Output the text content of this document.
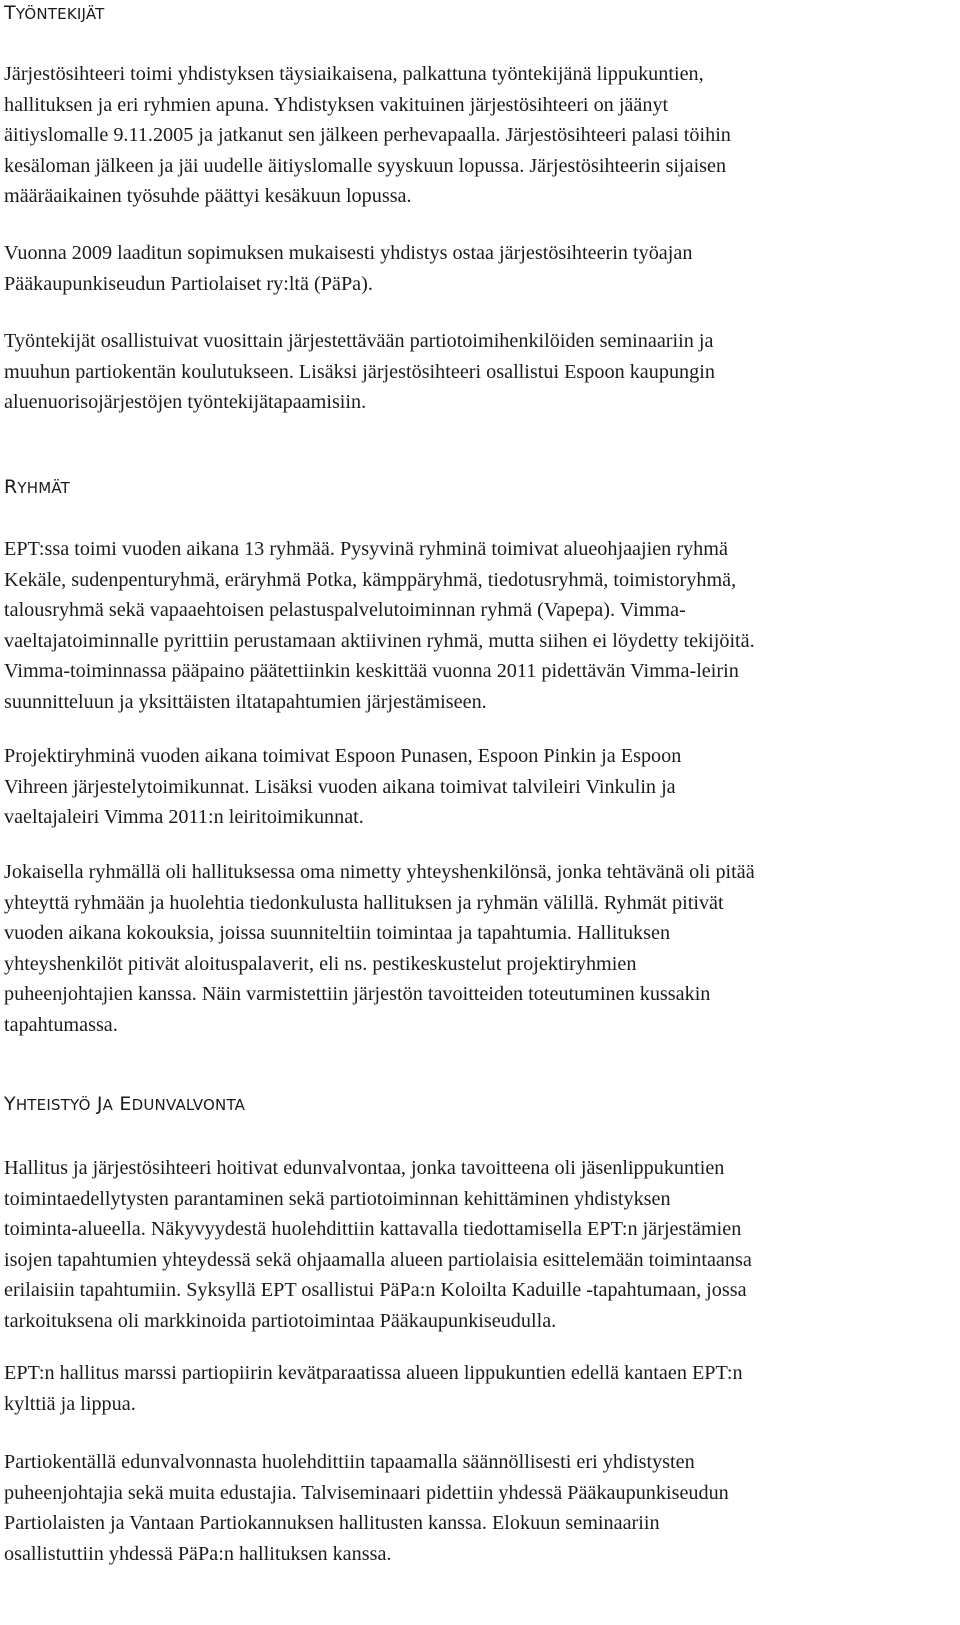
TYÖNTEKIJÄT

Järjestösihteeri toimi yhdistyksen täysiaikaisena, palkattuna työntekijänä lippukuntien,
hallituksen ja eri ryhmien apuna. Yhdistyksen vakituinen järjestösihteeri on jäänyt
äitiyslomalle 9.11.2005 ja jatkanut sen jälkeen perhevapaalla. Järjestösihteeri palasi töihin
kesäloman jälkeen ja jäi uudelle äitiyslomalle syyskuun lopussa. Järjestösihteerin sijaisen
määräaikainen työsuhde päättyi kesäkuun lopussa.

Vuonna 2009 laaditun sopimuksen mukaisesti yhdistys ostaa järjestösihteerin työajan
Pääkaupunkiseudun Partiolaiset ry:ltä (PäPa).

Työntekijät osallistuivat vuosittain järjestettävään partiotoimihenkilöiden seminaariin ja
muuhun partiokentän koulutukseen. Lisäksi järjestösihteeri osallistui Espoon kaupungin
aluenuorisojärjestöjen työntekijätapaamisiin.

RYHMÄT

EPT:ssa toimi vuoden aikana 13 ryhmää. Pysyvinä ryhminä toimivat alueohjaajien ryhmä
Kekäle, sudenpenturyhmä, eräryhmä Potka, kämppäryhmä, tiedotusryhmä, toimistoryhmä,
talousryhmä sekä vapaaehtoisen pelastuspalvelutoiminnan ryhmä (Vapepa). Vimma-
vaeltajatoiminnalle pyrittiin perustamaan aktiivinen ryhmä, mutta siihen ei löydetty tekijöitä.
Vimma-toiminnassa pääpaino päätettiinkin keskittää vuonna 2011 pidettävän Vimma-leirin
suunnitteluun ja yksittäisten iltatapahtumien järjestämiseen.

Projektiryhminä vuoden aikana toimivat Espoon Punasen, Espoon Pinkin ja Espoon
Vihreen järjestelytoimikunnat. Lisäksi vuoden aikana toimivat talvileiri Vinkulin ja
vaeltajaleiri Vimma 2011:n leiritoimikunnat.

Jokaisella ryhmällä oli hallituksessa oma nimetty yhteyshenkilönsä, jonka tehtävänä oli pitää
yhteyttä ryhmään ja huolehtia tiedonkulusta hallituksen ja ryhmän välillä. Ryhmät pitivät
vuoden aikana kokouksia, joissa suunniteltiin toimintaa ja tapahtumia. Hallituksen
yhteyshenkilöt pitivät aloituspalaverit, eli ns. pestikeskustelut projektiryhmien
puheenjohtajien kanssa. Näin varmistettiin järjestön tavoitteiden toteutuminen kussakin
tapahtumassa.

YHTEISTYÖ JA EDUNVALVONTA

Hallitus ja järjestösihteeri hoitivat edunvalvontaa, jonka tavoitteena oli jäsenlippukuntien
toimintaedellytysten parantaminen sekä partiotoiminnan kehittäminen yhdistyksen
toiminta-alueella. Näkyvyydestä huolehdittiin kattavalla tiedottamisella EPT:n järjestämien
isojen tapahtumien yhteydessä sekä ohjaamalla alueen partiolaisia esittelemään toimintaansa
erilaisiin tapahtumiin. Syksyllä EPT osallistui PäPa:n Koloilta Kaduille -tapahtumaan, jossa
tarkoituksena oli markkinoida partiotoimintaa Pääkaupunkiseudulla.

EPT:n hallitus marssi partiopiirin kevätparaatissa alueen lippukuntien edellä kantaen EPT:n
kylttiä ja lippua.

Partiokentällä edunvalvonnasta huolehdittiin tapaamalla säännöllisesti eri yhdistysten
puheenjohtajia sekä muita edustajia. Talviseminaari pidettiin yhdessä Pääkaupunkiseudun
Partiolaisten ja Vantaan Partiokannuksen hallitusten kanssa. Elokuun seminaariin
osallistuttiin yhdessä PäPa:n hallituksen kanssa.
